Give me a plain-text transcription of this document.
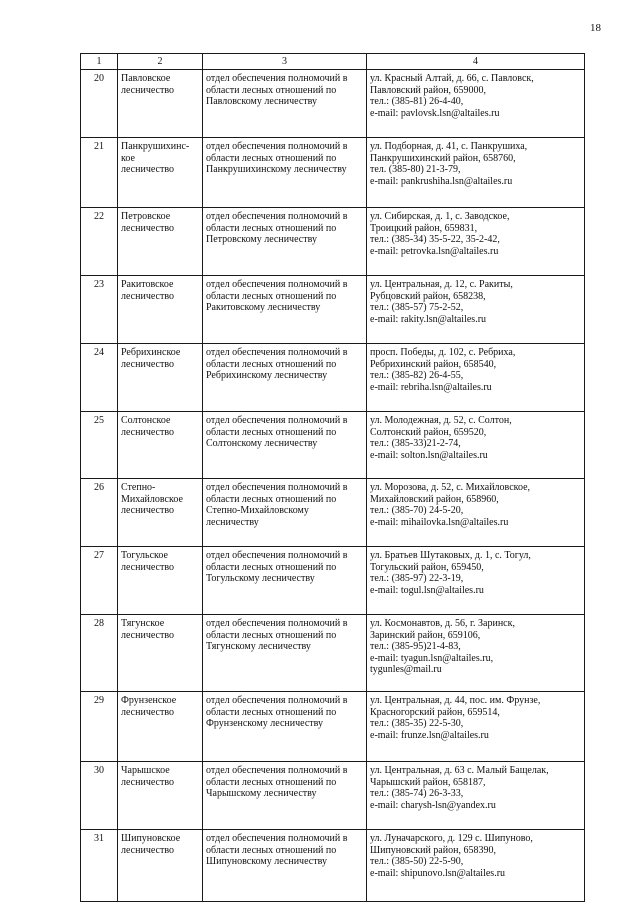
18
1	2	3	4
20	Павловское
лесничество	отдел обеспечения полномочий в
области лесных отношений по
Павловскому лесничеству	ул. Красный Алтай, д. 66, с. Павловск,
Павловский район, 659000,
тел.: (385-81) 26-4-40,
e-mail: pavlovsk.lsn@altailes.ru

21	Панкрушихинс-
кое
лесничество	отдел обеспечения полномочий в
области лесных отношений по
Панкрушихинскому лесничеству	ул. Подборная, д. 41, с. Панкрушиха,
Панкрушихинский район, 658760,
тел. (385-80) 21-3-79,
e-mail: pankrushiha.lsn@altailes.ru

22	Петровское
лесничество	отдел обеспечения полномочий в
области лесных отношений по
Петровскому лесничеству	ул. Сибирская, д. 1, с. Заводское,
Троицкий район, 659831,
тел.: (385-34) 35-5-22, 35-2-42,
e-mail: petrovka.lsn@altailes.ru

23	Ракитовское
лесничество	отдел обеспечения полномочий в
области лесных отношений по
Ракитовскому лесничеству	ул. Центральная, д. 12, с. Ракиты,
Рубцовский район, 658238,
тел.: (385-57) 75-2-52,
e-mail: rakity.lsn@altailes.ru

24	Ребрихинское
лесничество	отдел обеспечения полномочий в
области лесных отношений по
Ребрихинскому лесничеству	просп. Победы, д. 102, с. Ребриха,
Ребрихинский район, 658540,
тел.: (385-82) 26-4-55,
e-mail: rebriha.lsn@altailes.ru

25	Солтонское
лесничество	отдел обеспечения полномочий в
области лесных отношений по
Солтонскому лесничеству	ул. Молодежная, д. 52, с. Солтон,
Солтонский район, 659520,
тел.: (385-33)21-2-74,
e-mail: solton.lsn@altailes.ru

26	Степно-
Михайловское
лесничество	отдел обеспечения полномочий в
области лесных отношений по
Степно-Михайловскому
лесничеству	ул. Морозова, д. 52, с. Михайловское,
Михайловский район, 658960,
тел.: (385-70) 24-5-20,
e-mail: mihailovka.lsn@altailes.ru

27	Тогульское
лесничество	отдел обеспечения полномочий в
области лесных отношений по
Тогульскому лесничеству	ул. Братьев Шутаковых, д. 1, с. Тогул,
Тогульский район, 659450,
тел.: (385-97) 22-3-19,
e-mail: togul.lsn@altailes.ru

28	Тягунское
лесничество	отдел обеспечения полномочий в
области лесных отношений по
Тягунскому лесничеству	ул. Космонавтов, д. 56, г. Заринск,
Заринский район, 659106,
тел.: (385-95)21-4-83,
e-mail: tyagun.lsn@altailes.ru,
tygunles@mail.ru

29	Фрунзенское
лесничество	отдел обеспечения полномочий в
области лесных отношений по
Фрунзенскому лесничеству	ул. Центральная, д. 44, пос. им. Фрунзе,
Красногорский район, 659514,
тел.: (385-35) 22-5-30,
e-mail: frunze.lsn@altailes.ru

30	Чарышское
лесничество	отдел обеспечения полномочий в
области лесных отношений по
Чарышскому лесничеству	ул. Центральная, д. 63 с. Малый Бащелак,
Чарышский район, 658187,
тел.: (385-74) 26-3-33,
e-mail: charysh-lsn@yandex.ru

31	Шипуновское
лесничество	отдел обеспечения полномочий в
области лесных отношений по
Шипуновскому лесничеству	ул. Луначарского, д. 129 с. Шипуново,
Шипуновский район, 658390,
тел.: (385-50) 22-5-90,
e-mail: shipunovo.lsn@altailes.ru
